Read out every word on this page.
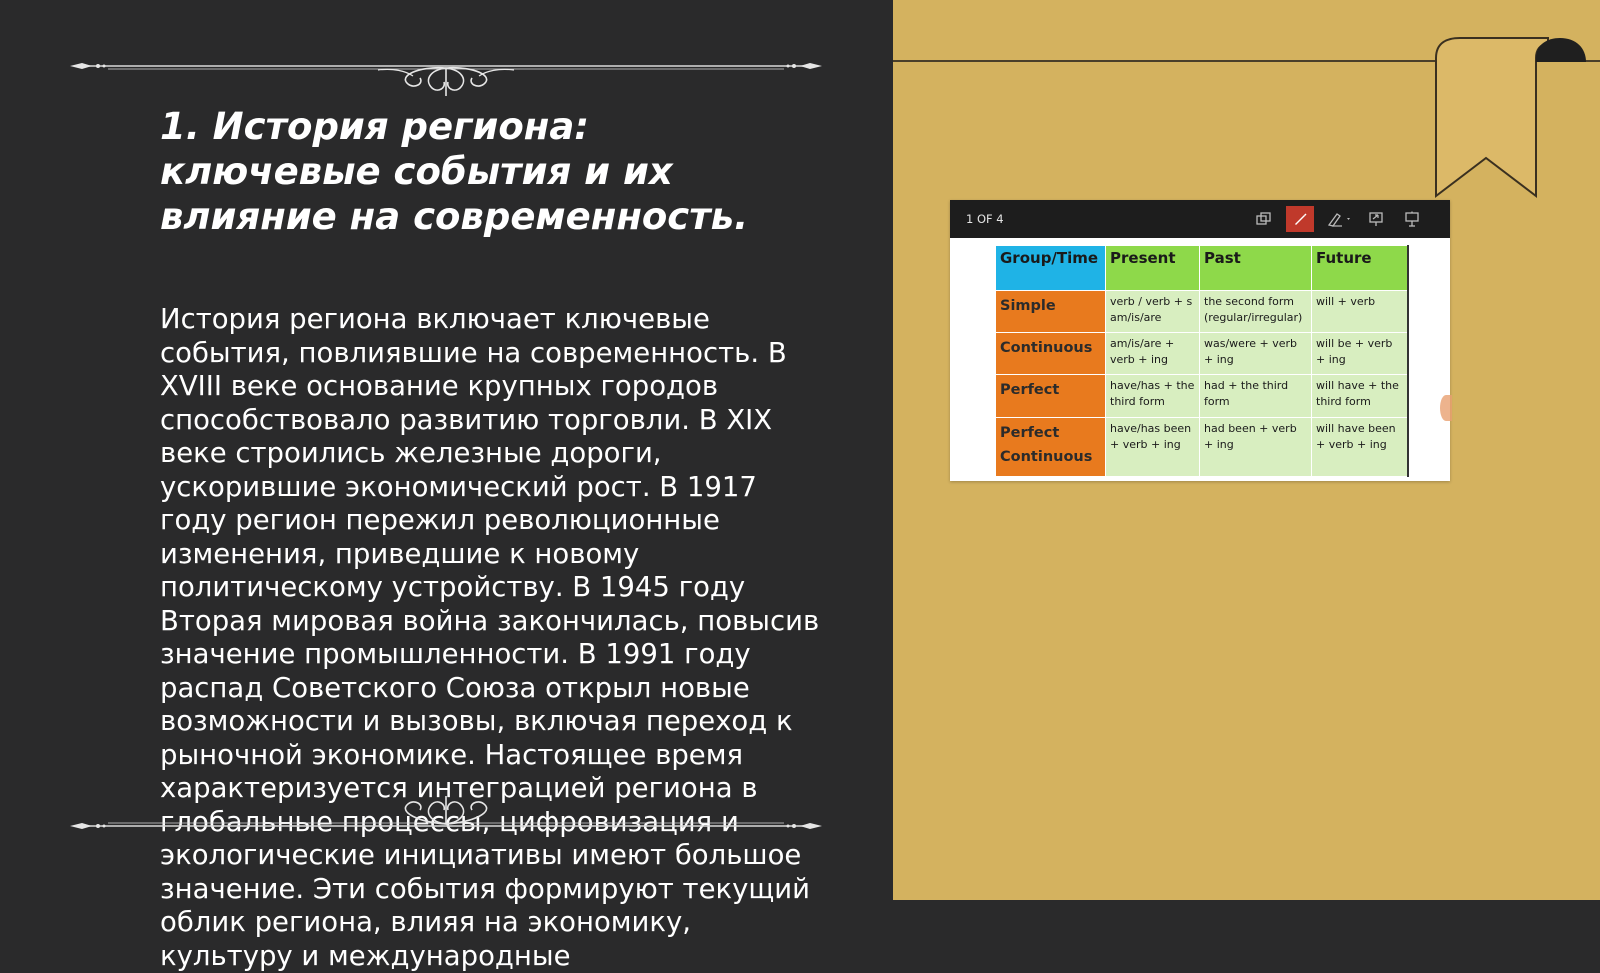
1. История региона: ключевые события и их влияние на современность.

История региона включает ключевые события, повлиявшие на современность. В XVIII веке основание крупных городов способствовало развитию торговли. В XIX веке строились железные дороги, ускорившие экономический рост. В 1917 году регион пережил революционные изменения, приведшие к новому политическому устройству. В 1945 году Вторая мировая война закончилась, повысив значение промышленности. В 1991 году распад Советского Союза открыл новые возможности и вызовы, включая переход к рыночной экономике. Настоящее время характеризуется интеграцией региона в глобальные процессы, цифровизация и экологические инициативы имеют большое значение. Эти события формируют текущий облик региона, влияя на экономику, культуру и международные

1 OF 4
Group/Time	Present	Past	Future
Simple	verb / verb + s am/is/are	the second form (regular/irregular)	will + verb
Continuous	am/is/are + verb + ing	was/were + verb + ing	will be + verb + ing
Perfect	have/has + the third form	had + the third form	will have + the third form
Perfect Continuous	have/has been + verb + ing	had been + verb + ing	will have been + verb + ing
